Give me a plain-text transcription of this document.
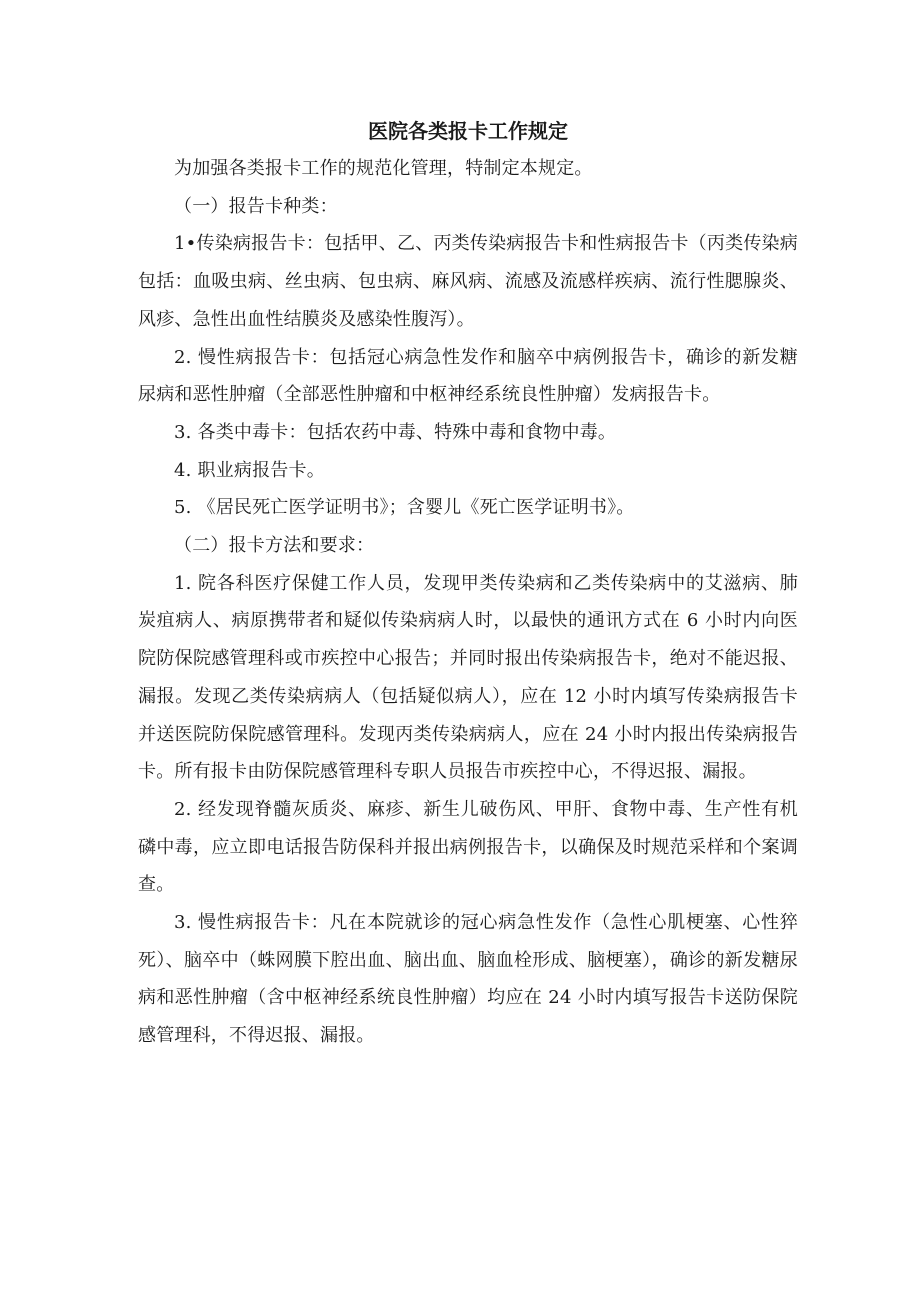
医院各类报卡工作规定

为加强各类报卡工作的规范化管理，特制定本规定。

（一）报告卡种类：

1•传染病报告卡：包括甲、乙、丙类传染病报告卡和性病报告卡（丙类传染病包括：血吸虫病、丝虫病、包虫病、麻风病、流感及流感样疾病、流行性腮腺炎、风疹、急性出血性结膜炎及感染性腹泻）。

2. 慢性病报告卡：包括冠心病急性发作和脑卒中病例报告卡，确诊的新发糖尿病和恶性肿瘤（全部恶性肿瘤和中枢神经系统良性肿瘤）发病报告卡。

3. 各类中毒卡：包括农药中毒、特殊中毒和食物中毒。

4. 职业病报告卡。

5. 《居民死亡医学证明书》；含婴儿《死亡医学证明书》。

（二）报卡方法和要求：

1. 院各科医疗保健工作人员，发现甲类传染病和乙类传染病中的艾滋病、肺炭疽病人、病原携带者和疑似传染病病人时，以最快的通讯方式在 6 小时内向医院防保院感管理科或市疾控中心报告；并同时报出传染病报告卡，绝对不能迟报、漏报。发现乙类传染病病人（包括疑似病人），应在 12 小时内填写传染病报告卡并送医院防保院感管理科。发现丙类传染病病人，应在 24 小时内报出传染病报告卡。所有报卡由防保院感管理科专职人员报告市疾控中心，不得迟报、漏报。

2. 经发现脊髓灰质炎、麻疹、新生儿破伤风、甲肝、食物中毒、生产性有机磷中毒，应立即电话报告防保科并报出病例报告卡，以确保及时规范采样和个案调查。

3. 慢性病报告卡：凡在本院就诊的冠心病急性发作（急性心肌梗塞、心性猝死）、脑卒中（蛛网膜下腔出血、脑出血、脑血栓形成、脑梗塞），确诊的新发糖尿病和恶性肿瘤（含中枢神经系统良性肿瘤）均应在 24 小时内填写报告卡送防保院感管理科，不得迟报、漏报。
